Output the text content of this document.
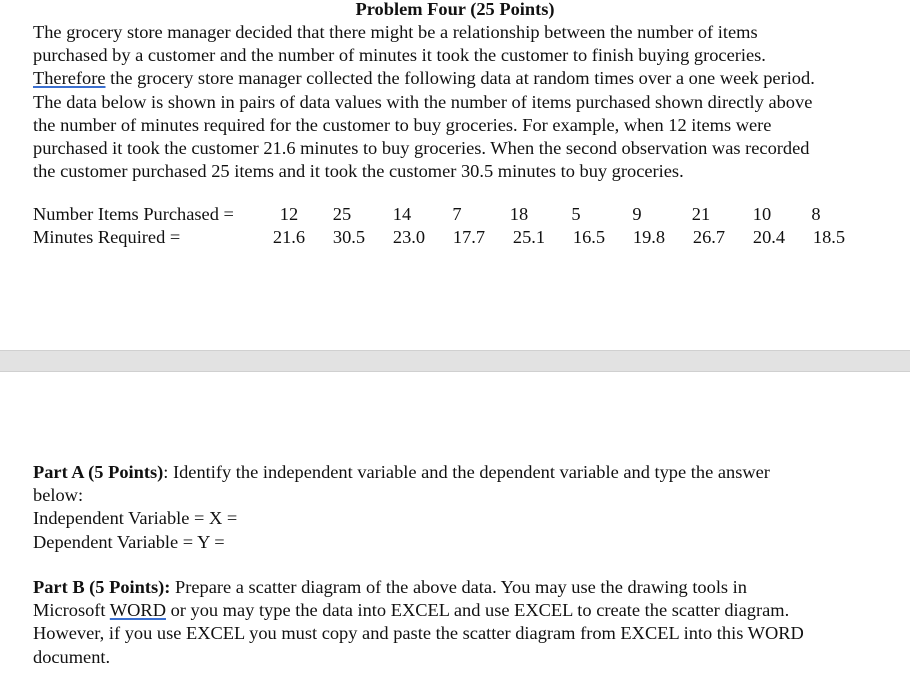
Problem Four (25 Points)
The grocery store manager decided that there might be a relationship between the number of items
purchased by a customer and the number of minutes it took the customer to finish buying groceries.
Therefore the grocery store manager collected the following data at random times over a one week period.
The data below is shown in pairs of data values with the number of items purchased shown directly above
the number of minutes required for the customer to buy groceries. For example, when 12 items were
purchased it took the customer 21.6 minutes to buy groceries. When the second observation was recorded
the customer purchased 25 items and it took the customer 30.5 minutes to buy groceries.
Number Items Purchased =	12	25	14	7	18	5	9	21	10	8
Minutes Required =	21.6	30.5	23.0	17.7	25.1	16.5	19.8	26.7	20.4	18.5
Part A (5 Points): Identify the independent variable and the dependent variable and type the answer
below:
Independent Variable = X =
Dependent Variable = Y =
Part B (5 Points): Prepare a scatter diagram of the above data. You may use the drawing tools in
Microsoft WORD or you may type the data into EXCEL and use EXCEL to create the scatter diagram.
However, if you use EXCEL you must copy and paste the scatter diagram from EXCEL into this WORD
document.
